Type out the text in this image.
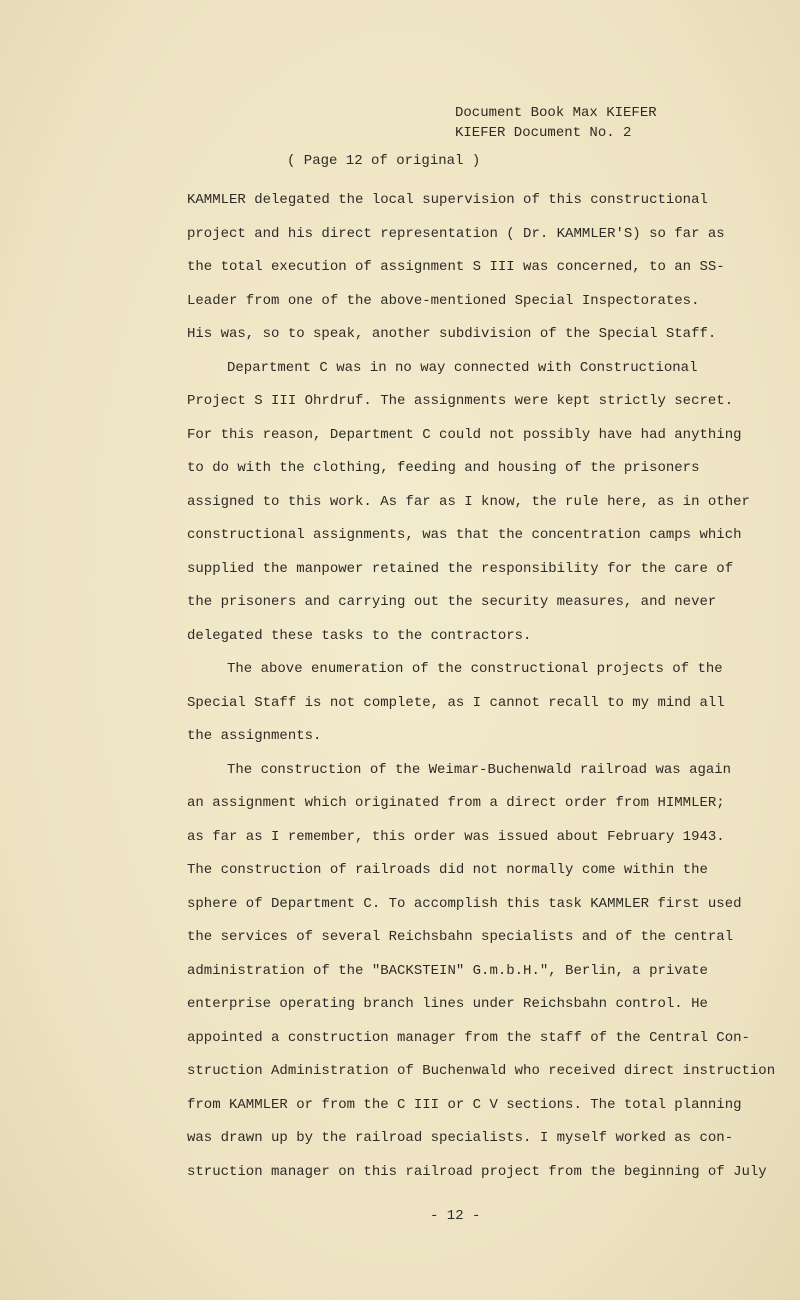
Document Book Max KIEFER
KIEFER Document No. 2
( Page 12 of original )
KAMMLER delegated the local supervision of this constructional
project and his direct representation ( Dr. KAMMLER'S) so far as
the total execution of assignment S III was concerned, to an SS-
Leader from one of the above-mentioned Special Inspectorates.
His was, so to speak, another subdivision of the Special Staff.
Department C was in no way connected with Constructional
Project S III Ohrdruf. The assignments were kept strictly secret.
For this reason, Department C could not possibly have had anything
to do with the clothing, feeding and housing of the prisoners
assigned to this work. As far as I know, the rule here, as in other
constructional assignments, was that the concentration camps which
supplied the manpower retained the responsibility for the care of
the prisoners and carrying out the security measures, and never
delegated these tasks to the contractors.
The above enumeration of the constructional projects of the
Special Staff is not complete, as I cannot recall to my mind all
the assignments.
The construction of the Weimar-Buchenwald railroad was again
an assignment which originated from a direct order from HIMMLER;
as far as I remember, this order was issued about February 1943.
The construction of railroads did not normally come within the
sphere of Department C. To accomplish this task KAMMLER first used
the services of several Reichsbahn specialists and of the central
administration of the "BACKSTEIN" G.m.b.H.", Berlin, a private
enterprise operating branch lines under Reichsbahn control. He
appointed a construction manager from the staff of the Central Con-
struction Administration of Buchenwald who received direct instruction
from KAMMLER or from the C III or C V sections. The total planning
was drawn up by the railroad specialists. I myself worked as con-
struction manager on this railroad project from the beginning of July
- 12 -
